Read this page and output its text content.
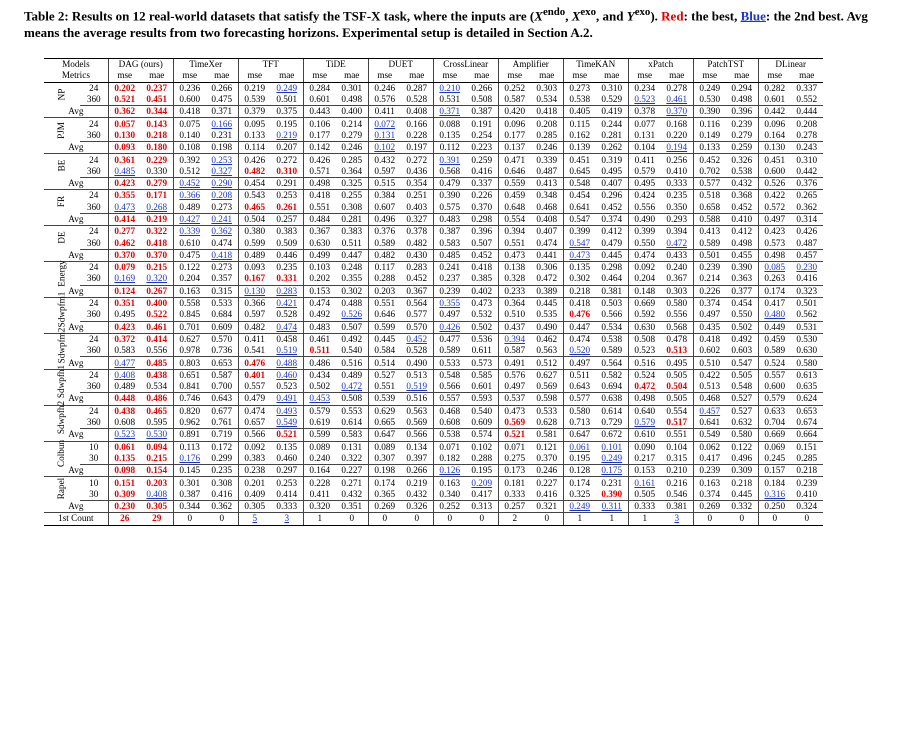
Table 2: Results on 12 real-world datasets that satisfy the TSF-X task, where the inputs are ($X^{endo}$, $X^{exo}$, and $Y^{exo}$). Red: the best, Blue: the 2nd best. Avg means the average results from two forecasting horizons. Experimental setup is detailed in Section A.2.
Models		DAG (ours)		TimeXer		TFT		TiDE		DUET		CrossLinear		Amplifier		TimeKAN		xPatch		PatchTST		DLinear	
Metrics		mse	mae	mse	mae	mse	mae	mse	mae	mse	mae	mse	mae	mse	mae	mse	mae	mse	mae	mse	mae	mse	mae
NP	24	0.202	0.237	0.236	0.266	0.219	0.249	0.284	0.301	0.246	0.287	0.210	0.266	0.252	0.303	0.273	0.310	0.234	0.278	0.249	0.294	0.282	0.337
	360	0.521	0.451	0.600	0.475	0.539	0.501	0.601	0.498	0.576	0.528	0.531	0.508	0.587	0.534	0.538	0.529	0.523	0.461	0.530	0.498	0.601	0.552
Avg		0.362	0.344	0.418	0.371	0.379	0.375	0.443	0.400	0.411	0.408	0.371	0.387	0.420	0.418	0.405	0.419	0.378	0.370	0.390	0.396	0.442	0.444
PJM	24	0.057	0.143	0.075	0.166	0.095	0.195	0.106	0.214	0.072	0.166	0.088	0.191	0.096	0.208	0.115	0.244	0.077	0.168	0.116	0.239	0.096	0.208
	360	0.130	0.218	0.140	0.231	0.133	0.219	0.177	0.279	0.131	0.228	0.135	0.254	0.177	0.285	0.162	0.281	0.131	0.220	0.149	0.279	0.164	0.278
Avg		0.093	0.180	0.108	0.198	0.114	0.207	0.142	0.246	0.102	0.197	0.112	0.223	0.137	0.246	0.139	0.262	0.104	0.194	0.133	0.259	0.130	0.243
BE	24	0.361	0.229	0.392	0.253	0.426	0.272	0.426	0.285	0.432	0.272	0.391	0.259	0.471	0.339	0.451	0.319	0.411	0.256	0.452	0.326	0.451	0.310
	360	0.485	0.330	0.512	0.327	0.482	0.310	0.571	0.364	0.597	0.436	0.568	0.416	0.646	0.487	0.645	0.495	0.579	0.410	0.702	0.538	0.600	0.442
Avg		0.423	0.279	0.452	0.290	0.454	0.291	0.498	0.325	0.515	0.354	0.479	0.337	0.559	0.413	0.548	0.407	0.495	0.333	0.577	0.432	0.526	0.376
FR	24	0.355	0.171	0.366	0.208	0.543	0.253	0.418	0.255	0.384	0.251	0.390	0.226	0.459	0.348	0.454	0.296	0.424	0.235	0.518	0.368	0.422	0.265
	360	0.473	0.268	0.489	0.273	0.465	0.261	0.551	0.308	0.607	0.403	0.575	0.370	0.648	0.468	0.641	0.452	0.556	0.350	0.658	0.452	0.572	0.362
Avg		0.414	0.219	0.427	0.241	0.504	0.257	0.484	0.281	0.496	0.327	0.483	0.298	0.554	0.408	0.547	0.374	0.490	0.293	0.588	0.410	0.497	0.314
DE	24	0.277	0.322	0.339	0.362	0.380	0.383	0.367	0.383	0.376	0.378	0.387	0.396	0.394	0.407	0.399	0.412	0.399	0.394	0.413	0.412	0.423	0.426
	360	0.462	0.418	0.610	0.474	0.599	0.509	0.630	0.511	0.589	0.482	0.583	0.507	0.551	0.474	0.547	0.479	0.550	0.472	0.589	0.498	0.573	0.487
Avg		0.370	0.370	0.475	0.418	0.489	0.446	0.499	0.447	0.482	0.430	0.485	0.452	0.473	0.441	0.473	0.445	0.474	0.433	0.501	0.455	0.498	0.457
Energy	24	0.079	0.215	0.122	0.273	0.093	0.235	0.103	0.248	0.117	0.283	0.241	0.418	0.138	0.306	0.135	0.298	0.092	0.240	0.239	0.390	0.085	0.230
	360	0.169	0.320	0.204	0.357	0.167	0.331	0.202	0.355	0.288	0.452	0.237	0.385	0.328	0.472	0.302	0.464	0.204	0.367	0.214	0.363	0.263	0.416
Avg		0.124	0.267	0.163	0.315	0.130	0.283	0.153	0.302	0.203	0.367	0.239	0.402	0.233	0.389	0.218	0.381	0.148	0.303	0.226	0.377	0.174	0.323
Sdwpfm1	24	0.351	0.400	0.558	0.533	0.366	0.421	0.474	0.488	0.551	0.564	0.355	0.473	0.364	0.445	0.418	0.503	0.669	0.580	0.374	0.454	0.417	0.501
	360	0.495	0.522	0.845	0.684	0.597	0.528	0.492	0.526	0.646	0.577	0.497	0.532	0.510	0.535	0.476	0.566	0.592	0.556	0.497	0.550	0.480	0.562
Avg		0.423	0.461	0.701	0.609	0.482	0.474	0.483	0.507	0.599	0.570	0.426	0.502	0.437	0.490	0.447	0.534	0.630	0.568	0.435	0.502	0.449	0.531
Sdwpfm2	24	0.372	0.414	0.627	0.570	0.411	0.458	0.461	0.492	0.445	0.452	0.477	0.536	0.394	0.462	0.474	0.538	0.508	0.478	0.418	0.492	0.459	0.530
	360	0.583	0.556	0.978	0.736	0.541	0.519	0.511	0.540	0.584	0.528	0.589	0.611	0.587	0.563	0.520	0.589	0.523	0.513	0.602	0.603	0.589	0.630
Avg		0.477	0.485	0.803	0.653	0.476	0.488	0.486	0.516	0.514	0.490	0.533	0.573	0.491	0.512	0.497	0.564	0.516	0.495	0.510	0.547	0.524	0.580
Sdwpfh1	24	0.408	0.438	0.651	0.587	0.401	0.460	0.434	0.489	0.527	0.513	0.548	0.585	0.576	0.627	0.511	0.582	0.524	0.505	0.422	0.505	0.557	0.613
	360	0.489	0.534	0.841	0.700	0.557	0.523	0.502	0.472	0.551	0.519	0.566	0.601	0.497	0.569	0.643	0.694	0.472	0.504	0.513	0.548	0.600	0.635
Avg		0.448	0.486	0.746	0.643	0.479	0.491	0.453	0.508	0.539	0.516	0.557	0.593	0.537	0.598	0.577	0.638	0.498	0.505	0.468	0.527	0.579	0.624
Sdwpfh2	24	0.438	0.465	0.820	0.677	0.474	0.493	0.579	0.553	0.629	0.563	0.468	0.540	0.473	0.533	0.580	0.614	0.640	0.554	0.457	0.527	0.633	0.653
	360	0.608	0.595	0.962	0.761	0.657	0.549	0.619	0.614	0.665	0.569	0.608	0.609	0.569	0.628	0.713	0.729	0.579	0.517	0.641	0.632	0.704	0.674
Avg		0.523	0.530	0.891	0.719	0.566	0.521	0.599	0.583	0.647	0.566	0.538	0.574	0.521	0.581	0.647	0.672	0.610	0.551	0.549	0.580	0.669	0.664
Colbun	10	0.061	0.094	0.113	0.172	0.092	0.135	0.089	0.131	0.089	0.134	0.071	0.102	0.071	0.121	0.061	0.101	0.090	0.104	0.062	0.122	0.069	0.151
	30	0.135	0.215	0.176	0.299	0.383	0.460	0.240	0.322	0.307	0.397	0.182	0.288	0.275	0.370	0.195	0.249	0.217	0.315	0.417	0.496	0.245	0.285
Avg		0.098	0.154	0.145	0.235	0.238	0.297	0.164	0.227	0.198	0.266	0.126	0.195	0.173	0.246	0.128	0.175	0.153	0.210	0.239	0.309	0.157	0.218
Rapel	10	0.151	0.203	0.301	0.308	0.201	0.253	0.228	0.271	0.174	0.219	0.163	0.209	0.181	0.227	0.174	0.231	0.161	0.216	0.163	0.218	0.184	0.239
	30	0.309	0.408	0.387	0.416	0.409	0.414	0.411	0.432	0.365	0.432	0.340	0.417	0.333	0.416	0.325	0.390	0.505	0.546	0.374	0.445	0.316	0.410
Avg		0.230	0.305	0.344	0.362	0.305	0.333	0.320	0.351	0.269	0.326	0.252	0.313	0.257	0.321	0.249	0.311	0.333	0.381	0.269	0.332	0.250	0.324
1st Count		26	29	0	0	5	3	1	0	0	0	0	0	2	0	1	1	1	3	0	0	0	0
